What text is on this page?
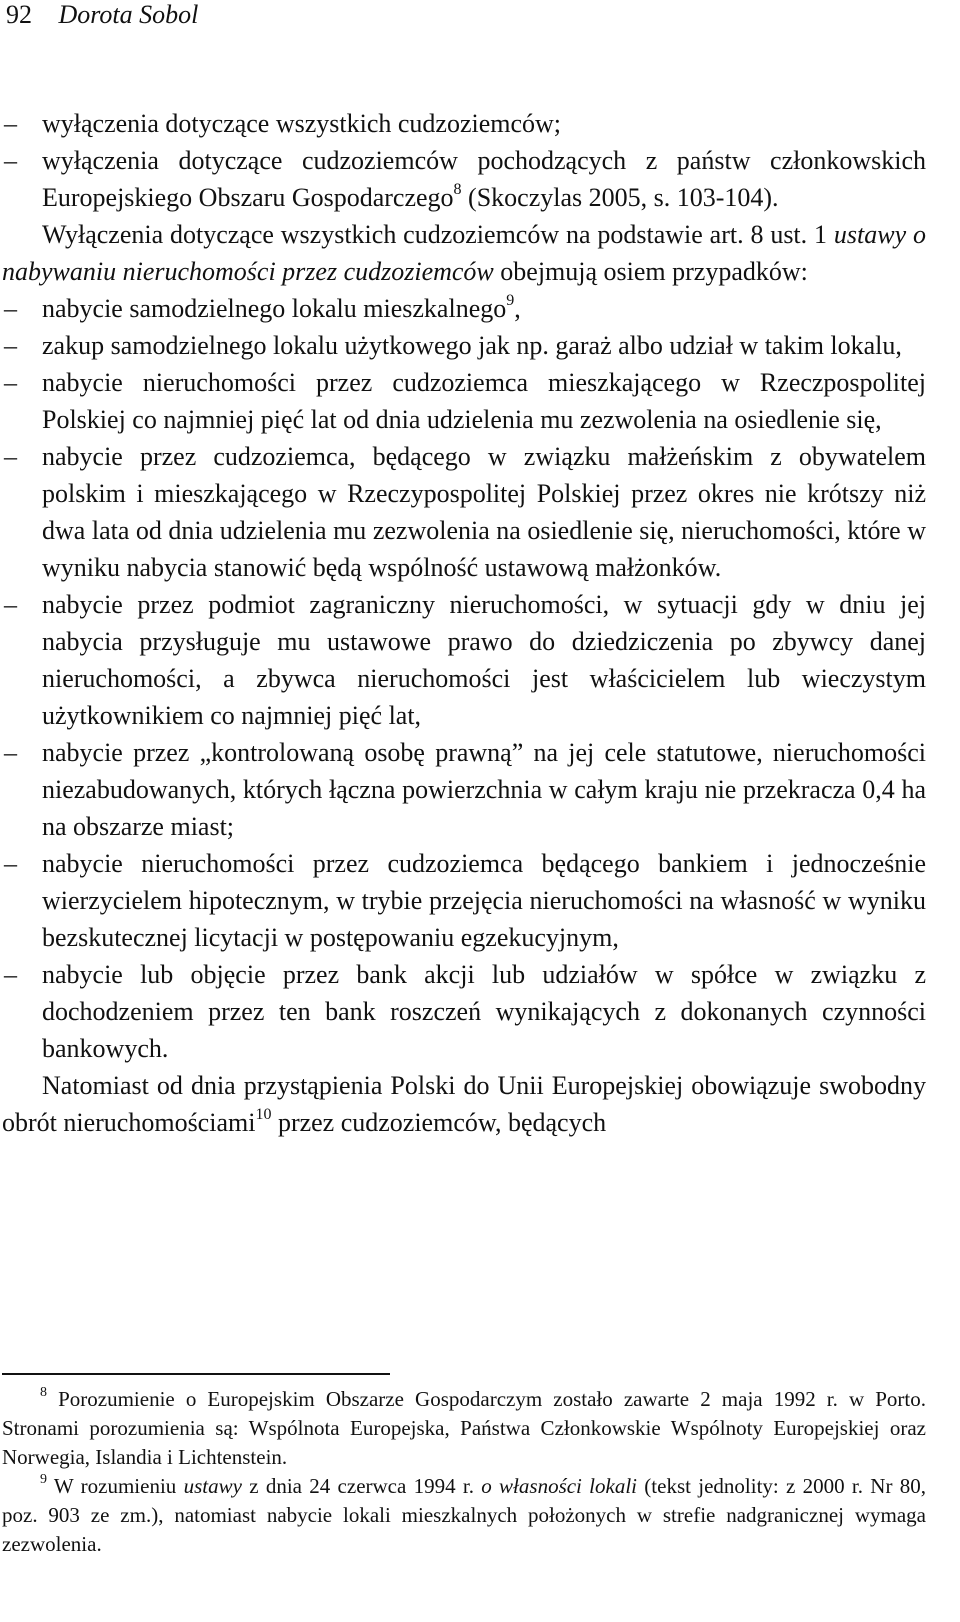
92 Dorota Sobol
– wyłączenia dotyczące wszystkich cudzoziemców;
– wyłączenia dotyczące cudzoziemców pochodzących z państw członkowskich Europejskiego Obszaru Gospodarczego$^8$ (Skoczylas 2005, s. 103-104).
Wyłączenia dotyczące wszystkich cudzoziemców na podstawie art. 8 ust. 1 ustawy o nabywaniu nieruchomości przez cudzoziemców obejmują osiem przypadków:
– nabycie samodzielnego lokalu mieszkalnego$^9$,
– zakup samodzielnego lokalu użytkowego jak np. garaż albo udział w takim lokalu,
– nabycie nieruchomości przez cudzoziemca mieszkającego w Rzeczpospolitej Polskiej co najmniej pięć lat od dnia udzielenia mu zezwolenia na osiedlenie się,
– nabycie przez cudzoziemca, będącego w związku małżeńskim z obywatelem polskim i mieszkającego w Rzeczypospolitej Polskiej przez okres nie krótszy niż dwa lata od dnia udzielenia mu zezwolenia na osiedlenie się, nieruchomości, które w wyniku nabycia stanowić będą wspólność ustawową małżonków.
– nabycie przez podmiot zagraniczny nieruchomości, w sytuacji gdy w dniu jej nabycia przysługuje mu ustawowe prawo do dziedziczenia po zbywcy danej nieruchomości, a zbywca nieruchomości jest właścicielem lub wieczystym użytkownikiem co najmniej pięć lat,
– nabycie przez „kontrolowaną osobę prawną” na jej cele statutowe, nieruchomości niezabudowanych, których łączna powierzchnia w całym kraju nie przekracza 0,4 ha na obszarze miast;
– nabycie nieruchomości przez cudzoziemca będącego bankiem i jednocześnie wierzycielem hipotecznym, w trybie przejęcia nieruchomości na własność w wyniku bezskutecznej licytacji w postępowaniu egzekucyjnym,
– nabycie lub objęcie przez bank akcji lub udziałów w spółce w związku z dochodzeniem przez ten bank roszczeń wynikających z dokonanych czynności bankowych.
Natomiast od dnia przystąpienia Polski do Unii Europejskiej obowiązuje swobodny obrót nieruchomościami$^{10}$ przez cudzoziemców, będących
$^8$ Porozumienie o Europejskim Obszarze Gospodarczym zostało zawarte 2 maja 1992 r. w Porto. Stronami porozumienia są: Wspólnota Europejska, Państwa Członkowskie Wspólnoty Europejskiej oraz Norwegia, Islandia i Lichtenstein.
$^9$ W rozumieniu ustawy z dnia 24 czerwca 1994 r. o własności lokali (tekst jednolity: z 2000 r. Nr 80, poz. 903 ze zm.), natomiast nabycie lokali mieszkalnych położonych w strefie nadgranicznej wymaga zezwolenia.
